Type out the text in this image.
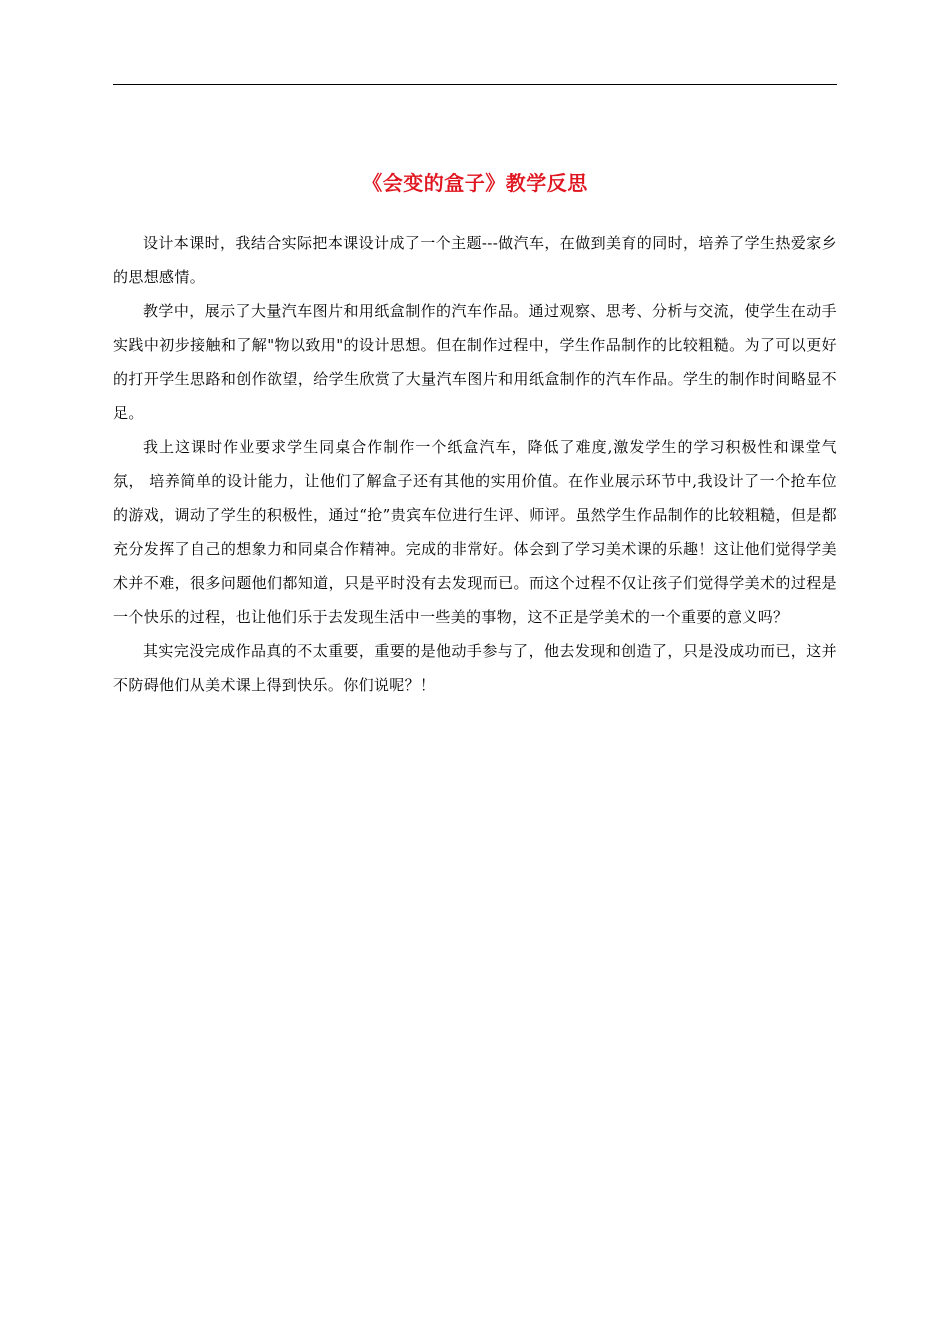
《会变的盒子》教学反思

设计本课时，我结合实际把本课设计成了一个主题---做汽车，在做到美育的同时，培养了学生热爱家乡的思想感情。

教学中，展示了大量汽车图片和用纸盒制作的汽车作品。通过观察、思考、分析与交流，使学生在动手实践中初步接触和了解"物以致用"的设计思想。但在制作过程中，学生作品制作的比较粗糙。为了可以更好的打开学生思路和创作欲望，给学生欣赏了大量汽车图片和用纸盒制作的汽车作品。学生的制作时间略显不足。

我上这课时作业要求学生同桌合作制作一个纸盒汽车，降低了难度,激发学生的学习积极性和课堂气氛， 培养简单的设计能力，让他们了解盒子还有其他的实用价值。在作业展示环节中,我设计了一个抢车位的游戏，调动了学生的积极性，通过“抢”贵宾车位进行生评、师评。虽然学生作品制作的比较粗糙，但是都充分发挥了自己的想象力和同桌合作精神。完成的非常好。体会到了学习美术课的乐趣！这让他们觉得学美术并不难，很多问题他们都知道，只是平时没有去发现而已。而这个过程不仅让孩子们觉得学美术的过程是一个快乐的过程，也让他们乐于去发现生活中一些美的事物，这不正是学美术的一个重要的意义吗？

其实完没完成作品真的不太重要，重要的是他动手参与了，他去发现和创造了，只是没成功而已，这并不防碍他们从美术课上得到快乐。你们说呢？！
